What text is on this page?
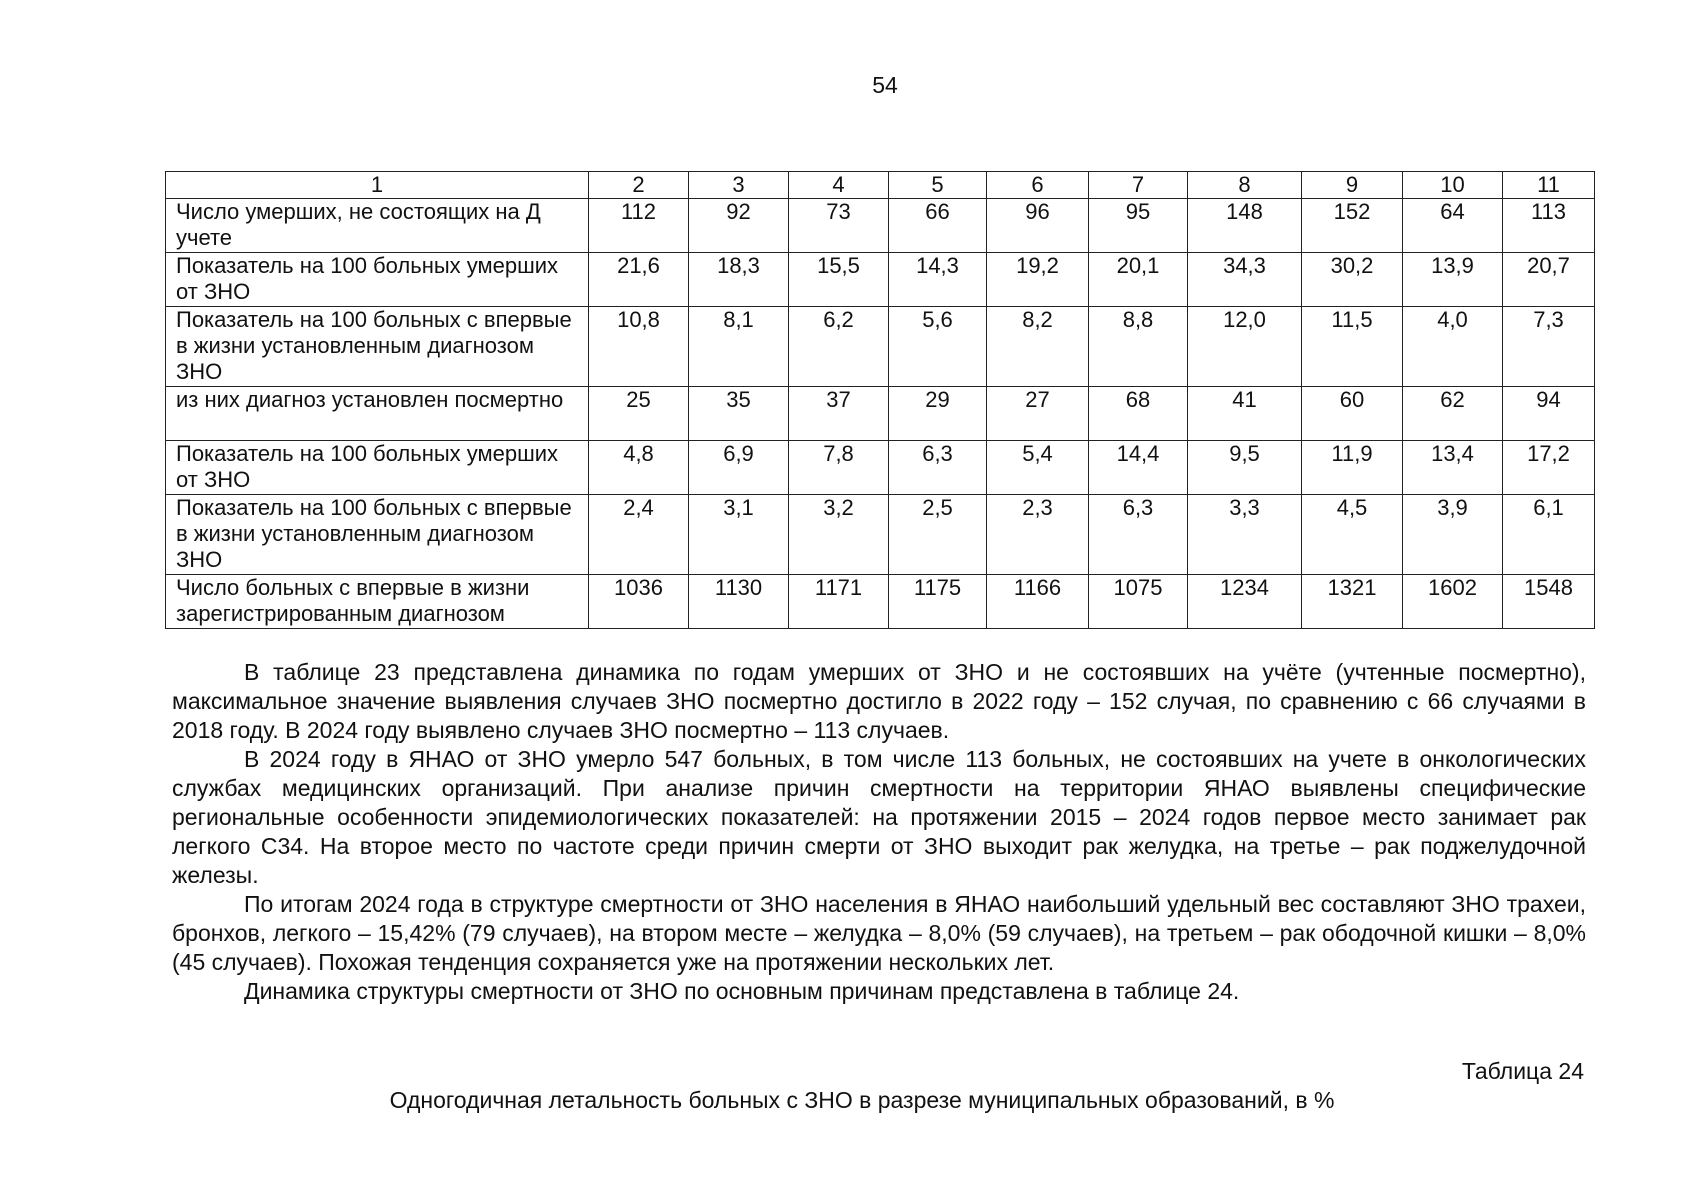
54
1	2	3	4	5	6	7	8	9	10	11
Число умерших, не состоящих на Д учете	112	92	73	66	96	95	148	152	64	113
Показатель на 100 больных умерших от ЗНО	21,6	18,3	15,5	14,3	19,2	20,1	34,3	30,2	13,9	20,7
Показатель на 100 больных с впервые в жизни установленным диагнозом ЗНО	10,8	8,1	6,2	5,6	8,2	8,8	12,0	11,5	4,0	7,3
из них диагноз установлен посмертно	25	35	37	29	27	68	41	60	62	94
Показатель на 100 больных умерших от ЗНО	4,8	6,9	7,8	6,3	5,4	14,4	9,5	11,9	13,4	17,2
Показатель на 100 больных с впервые в жизни установленным диагнозом ЗНО	2,4	3,1	3,2	2,5	2,3	6,3	3,3	4,5	3,9	6,1
Число больных с впервые в жизни зарегистрированным диагнозом	1036	1130	1171	1175	1166	1075	1234	1321	1602	1548

В таблице 23 представлена динамика по годам умерших от ЗНО и не состоявших на учёте (учтенные посмертно), максимальное значение выявления случаев ЗНО посмертно достигло в 2022 году – 152 случая, по сравнению с 66 случаями в 2018 году. В 2024 году выявлено случаев ЗНО посмертно – 113 случаев.

В 2024 году в ЯНАО от ЗНО умерло 547 больных, в том числе 113 больных, не состоявших на учете в онкологических службах медицинских организаций. При анализе причин смертности на территории ЯНАО выявлены специфические региональные особенности эпидемиологических показателей: на протяжении 2015 – 2024 годов первое место занимает рак легкого С34. На второе место по частоте среди причин смерти от ЗНО выходит рак желудка, на третье – рак поджелудочной железы.

По итогам 2024 года в структуре смертности от ЗНО населения в ЯНАО наибольший удельный вес составляют ЗНО трахеи, бронхов, легкого – 15,42% (79 случаев), на втором месте – желудка – 8,0% (59 случаев), на третьем – рак ободочной кишки – 8,0% (45 случаев). Похожая тенденция сохраняется уже на протяжении нескольких лет.

Динамика структуры смертности от ЗНО по основным причинам представлена в таблице 24.

Таблица 24
Одногодичная летальность больных с ЗНО в разрезе муниципальных образований, в %
